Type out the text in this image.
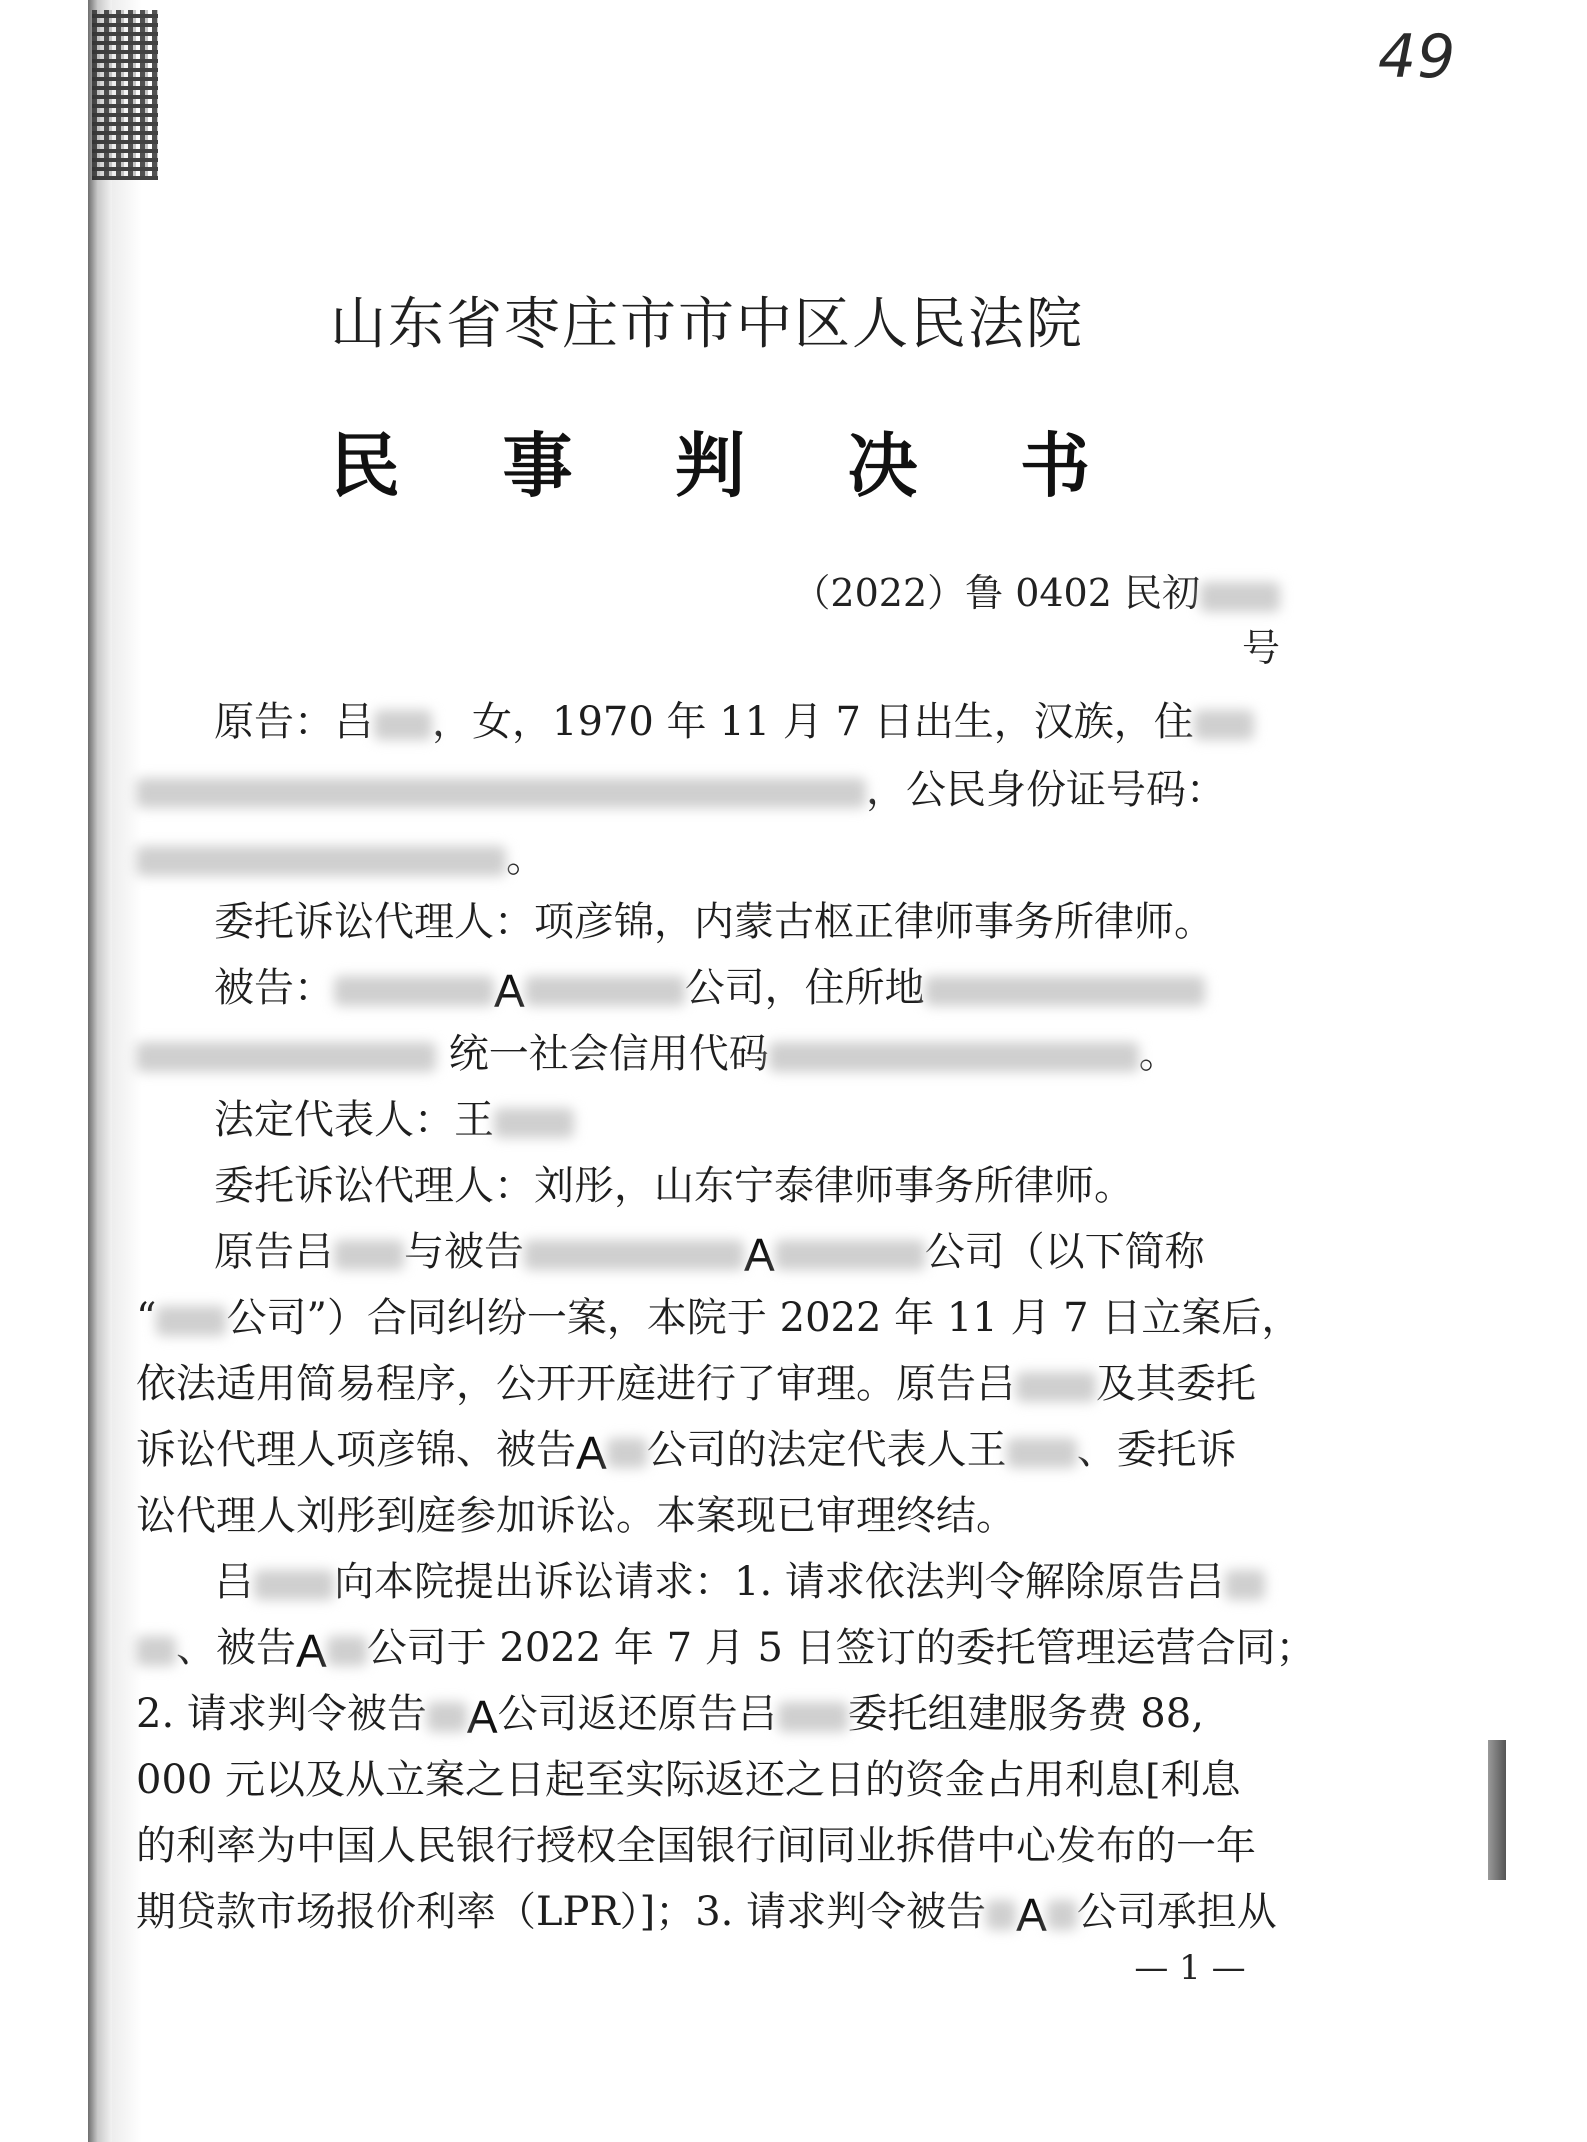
49
山东省枣庄市市中区人民法院
民 事 判 决 书
（2022）鲁 0402 民初号
原告：吕 ，女，1970 年 11 月 7 日出生，汉族，住
，公民身份证号码：
。
委托诉讼代理人：项彦锦，内蒙古枢正律师事务所律师。
被告：	A	公司，住所地
统一社会信用代码	。
法定代表人：王
委托诉讼代理人：刘彤，山东宁泰律师事务所律师。
原告吕 与被告	A	公司（以下简称
“ 公司”）合同纠纷一案，本院于 2022 年 11 月 7 日立案后，
依法适用简易程序，公开开庭进行了审理。原告吕 及其委托
诉讼代理人项彦锦、被告A 公司的法定代表人王 、委托诉
讼代理人刘彤到庭参加诉讼。本案现已审理终结。
吕 向本院提出诉讼请求：1. 请求依法判令解除原告吕
、被告A 公司于 2022 年 7 月 5 日签订的委托管理运营合同；
2. 请求判令被告 A公司返还原告吕 委托组建服务费 88,
000 元以及从立案之日起至实际返还之日的资金占用利息[利息
的利率为中国人民银行授权全国银行间同业拆借中心发布的一年
期贷款市场报价利率（LPR）]；3. 请求判令被告 A 公司承担从
— 1 —
